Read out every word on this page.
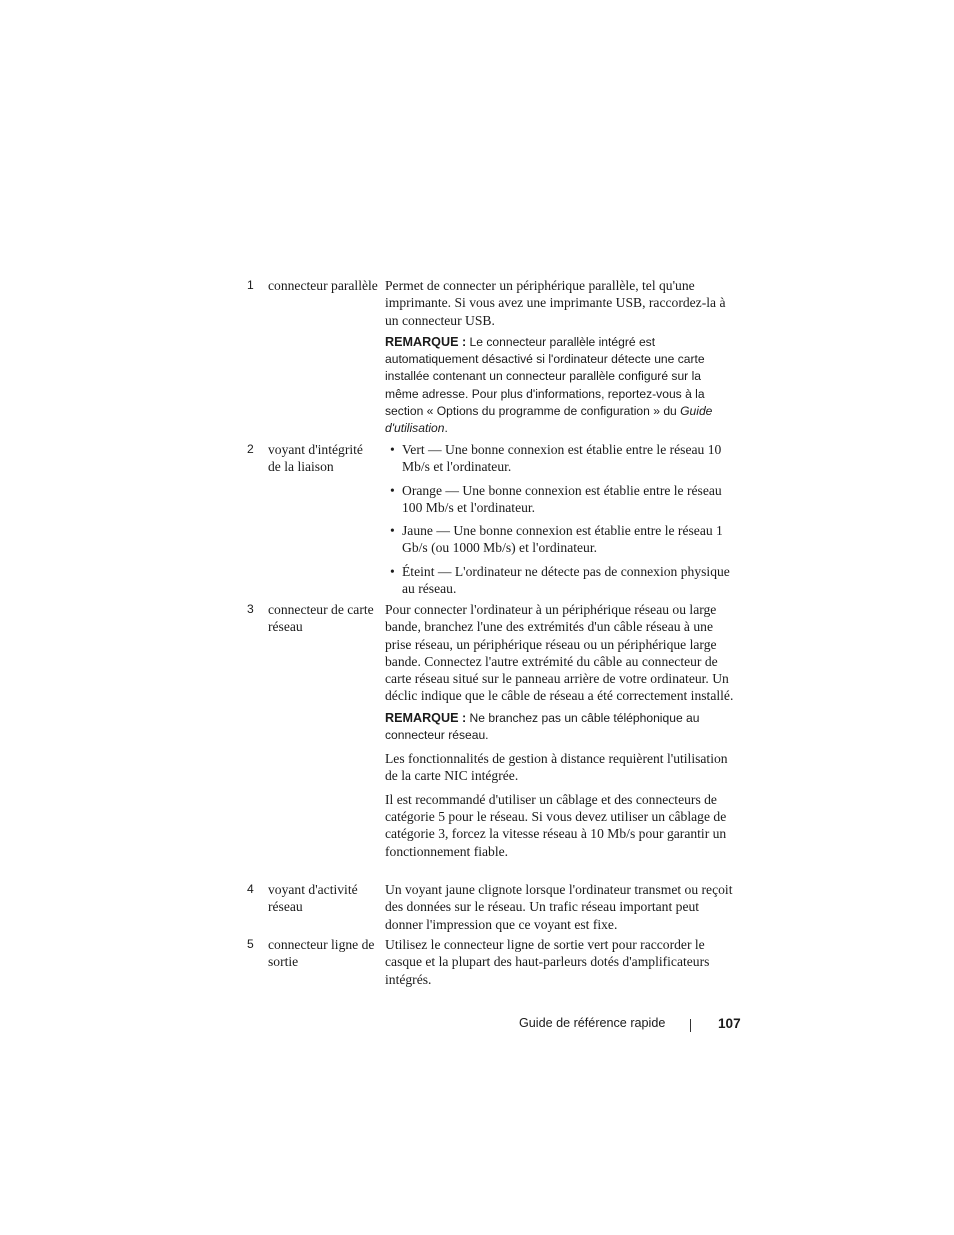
1 connecteur parallèle Permet de connecter un périphérique parallèle, tel qu'une imprimante. Si vous avez une imprimante USB, raccordez-la à un connecteur USB.

REMARQUE : Le connecteur parallèle intégré est automatiquement désactivé si l'ordinateur détecte une carte installée contenant un connecteur parallèle configuré sur la même adresse. Pour plus d'informations, reportez-vous à la section « Options du programme de configuration » du Guide d'utilisation.

2 voyant d'intégrité de la liaison
• Vert — Une bonne connexion est établie entre le réseau 10 Mb/s et l'ordinateur.
• Orange — Une bonne connexion est établie entre le réseau 100 Mb/s et l'ordinateur.
• Jaune — Une bonne connexion est établie entre le réseau 1 Gb/s (ou 1000 Mb/s) et l'ordinateur.
• Éteint — L'ordinateur ne détecte pas de connexion physique au réseau.
3 connecteur de carte réseau

Pour connecter l'ordinateur à un périphérique réseau ou large bande, branchez l'une des extrémités d'un câble réseau à une prise réseau, un périphérique réseau ou un périphérique large bande. Connectez l'autre extrémité du câble au connecteur de carte réseau situé sur le panneau arrière de votre ordinateur. Un déclic indique que le câble de réseau a été correctement installé.

REMARQUE : Ne branchez pas un câble téléphonique au connecteur réseau.

Les fonctionnalités de gestion à distance requièrent l'utilisation de la carte NIC intégrée.

Il est recommandé d'utiliser un câblage et des connecteurs de catégorie 5 pour le réseau. Si vous devez utiliser un câblage de catégorie 3, forcez la vitesse réseau à 10 Mb/s pour garantir un fonctionnement fiable.

4 voyant d'activité réseau

Un voyant jaune clignote lorsque l'ordinateur transmet ou reçoit des données sur le réseau. Un trafic réseau important peut donner l'impression que ce voyant est fixe.

5 connecteur ligne de sortie

Utilisez le connecteur ligne de sortie vert pour raccorder le casque et la plupart des haut-parleurs dotés d'amplificateurs intégrés.

Guide de référence rapide	107
